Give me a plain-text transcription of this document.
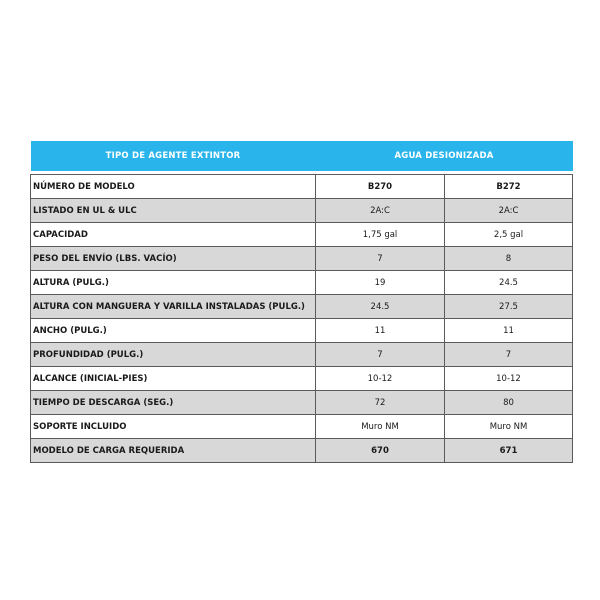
TIPO DE AGENTE EXTINTOR	AGUA DESIONIZADA	

NÚMERO DE MODELO	B270	B272
LISTADO EN UL & ULC	2A:C	2A:C
CAPACIDAD	1,75 gal	2,5 gal
PESO DEL ENVÍO (LBS. VACÍO)	7	8
ALTURA (PULG.)	19	24.5
ALTURA CON MANGUERA Y VARILLA INSTALADAS (PULG.)	24.5	27.5
ANCHO (PULG.)	11	11
PROFUNDIDAD (PULG.)	7	7
ALCANCE (INICIAL-PIES)	10-12	10-12
TIEMPO DE DESCARGA (SEG.)	72	80
SOPORTE INCLUIDO	Muro NM	Muro NM
MODELO DE CARGA REQUERIDA	670	671
